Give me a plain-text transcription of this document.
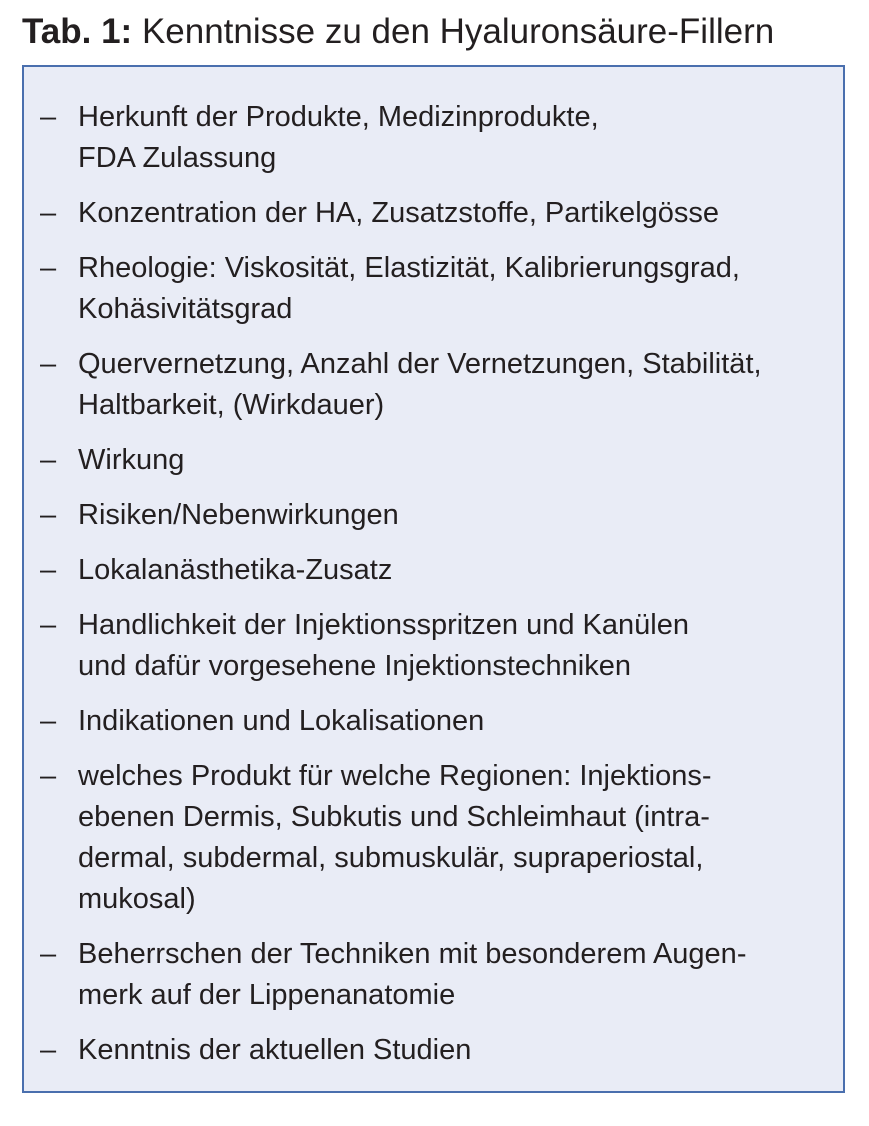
Tab. 1: Kenntnisse zu den Hyaluronsäure-Fillern
– Herkunft der Produkte, Medizinprodukte,
FDA Zulassung
– Konzentration der HA, Zusatzstoffe, Partikelgösse
– Rheologie: Viskosität, Elastizität, Kalibrierungsgrad,
Kohäsivitätsgrad
– Quervernetzung, Anzahl der Vernetzungen, Stabilität,
Haltbarkeit, (Wirkdauer)
– Wirkung
– Risiken/Nebenwirkungen
– Lokalanästhetika-Zusatz
– Handlichkeit der Injektionsspritzen und Kanülen
und dafür vorgesehene Injektionstechniken
– Indikationen und Lokalisationen
– welches Produkt für welche Regionen: Injektions-
ebenen Dermis, Subkutis und Schleimhaut (intra-
dermal, subdermal, submuskulär, supraperiostal,
mukosal)
– Beherrschen der Techniken mit besonderem Augen-
merk auf der Lippenanatomie
– Kenntnis der aktuellen Studien
